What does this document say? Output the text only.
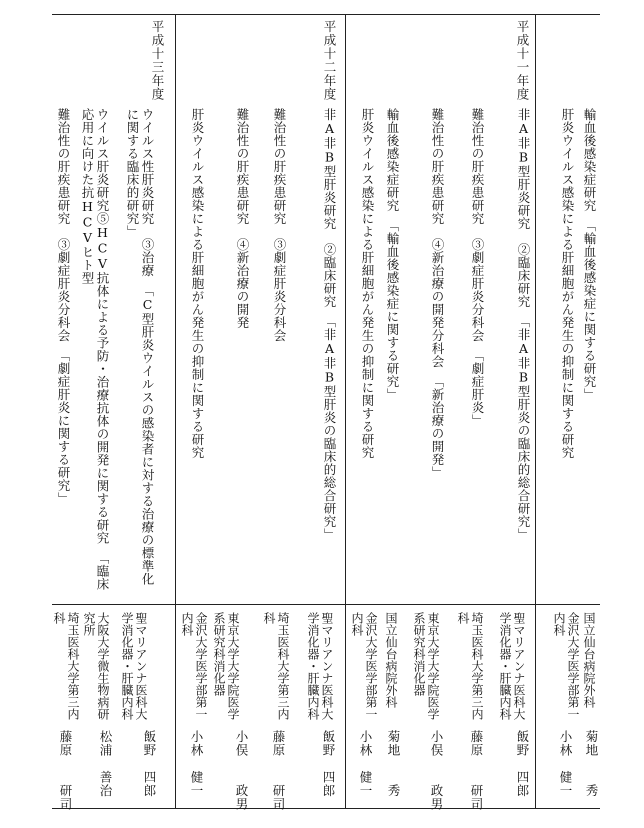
平成十一年度
平成十二年度
平成十三年度
輸血後感染症研究　「輸血後感染症に関する研究」
国立仙台病院外科
菊地　　秀
肝炎ウイルス感染による肝細胞がん発生の抑制に関する研究
金沢大学医学部第一内科
小林　健一
非A非B型肝炎研究　②臨床研究　「非A非B型肝炎の臨床的総合研究」
聖マリアンナ医科大学消化器・肝臓内科
飯野　四郎
難治性の肝疾患研究　③劇症肝炎分科会　「劇症肝炎」
埼玉医科大学第三内科
藤原　　研司
難治性の肝疾患研究　④新治療の開発分科会　「新治療の開発」
東京大学大学院医学系研究科消化器
小俣　　政男
輸血後感染症研究　「輸血後感染症に関する研究」
国立仙台病院外科
菊地　　秀
肝炎ウイルス感染による肝細胞がん発生の抑制に関する研究
金沢大学医学部第一内科
小林　健一
非A非B型肝炎研究　②臨床研究　「非A非B型肝炎の臨床的総合研究」
聖マリアンナ医科大学消化器・肝臓内科
飯野　四郎
難治性の肝疾患研究　③劇症肝炎分科会
埼玉医科大学第三内科
藤原　　研司
難治性の肝疾患研究　④新治療の開発
東京大学大学院医学系研究科消化器
小俣　　政男
肝炎ウイルス感染による肝細胞がん発生の抑制に関する研究
金沢大学医学部第一内科
小林　健一
ウイルス性肝炎研究　③治療　「C型肝炎ウイルスの感染者に対する治療の標準化に関する臨床的研究」
聖マリアンナ医科大学消化器・肝臓内科
飯野　四郎
ウイルス肝炎研究⑤HCV抗体による予防・治療抗体の開発に関する研究　「臨床応用に向けた抗HCVヒト型
大阪大学微生物病研究所
松浦　善治
難治性の肝疾患研究　③劇症肝炎分科会　「劇症肝炎に関する研究」
埼玉医科大学第三内科
藤原　　研司
